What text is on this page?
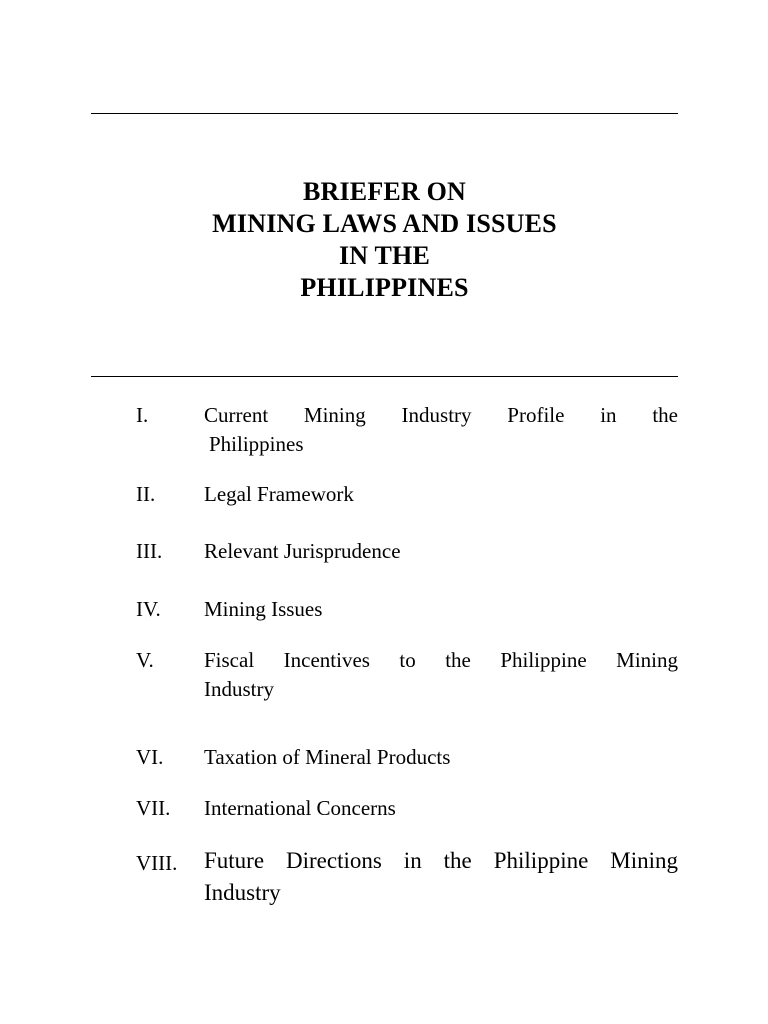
BRIEFER ON
MINING LAWS AND ISSUES
IN THE
PHILIPPINES
I.	Current Mining Industry Profile in the
Philippines
II. Legal Framework
III. Relevant Jurisprudence
IV. Mining Issues
V. Fiscal Incentives to the Philippine Mining
Industry
VI. Taxation of Mineral Products
VII. International Concerns
VIII. Future Directions in the Philippine Mining
Industry
